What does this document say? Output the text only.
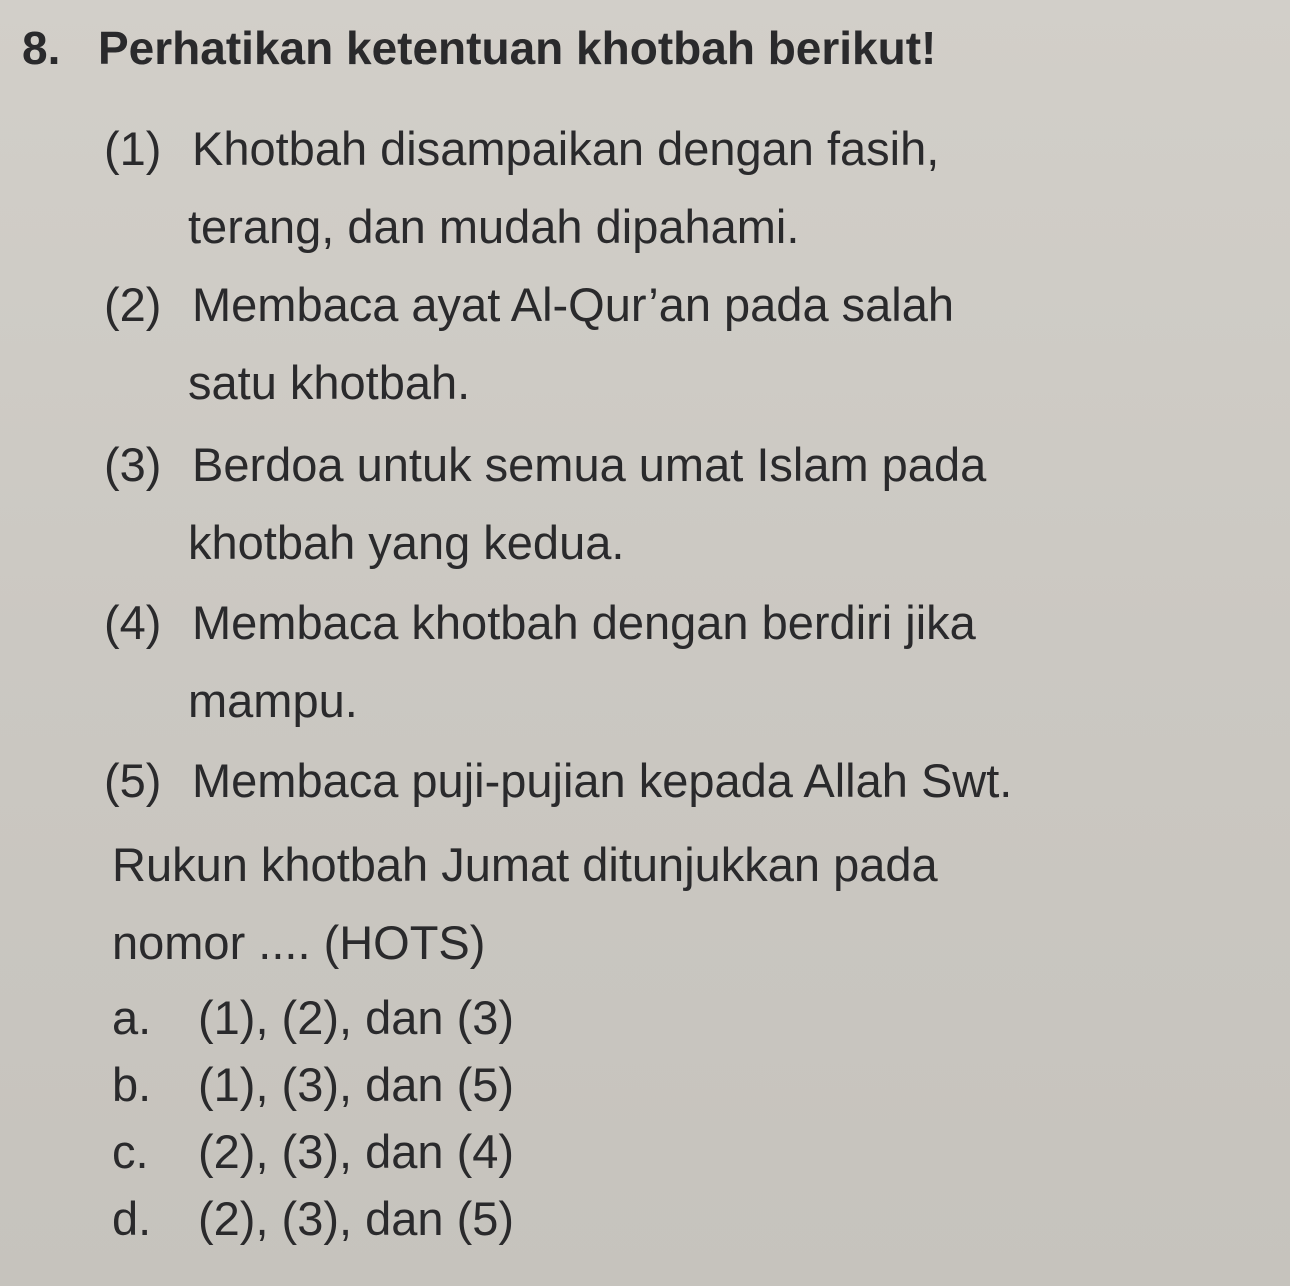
8. Perhatikan ketentuan khotbah berikut!
(1) Khotbah disampaikan dengan fasih,
terang, dan mudah dipahami.
(2) Membaca ayat Al-Qur’an pada salah
satu khotbah.
(3) Berdoa untuk semua umat Islam pada
khotbah yang kedua.
(4) Membaca khotbah dengan berdiri jika
mampu.
(5) Membaca puji-pujian kepada Allah Swt.
Rukun khotbah Jumat ditunjukkan pada
nomor .... (HOTS)
a. (1), (2), dan (3)
b. (1), (3), dan (5)
c. (2), (3), dan (4)
d. (2), (3), dan (5)
